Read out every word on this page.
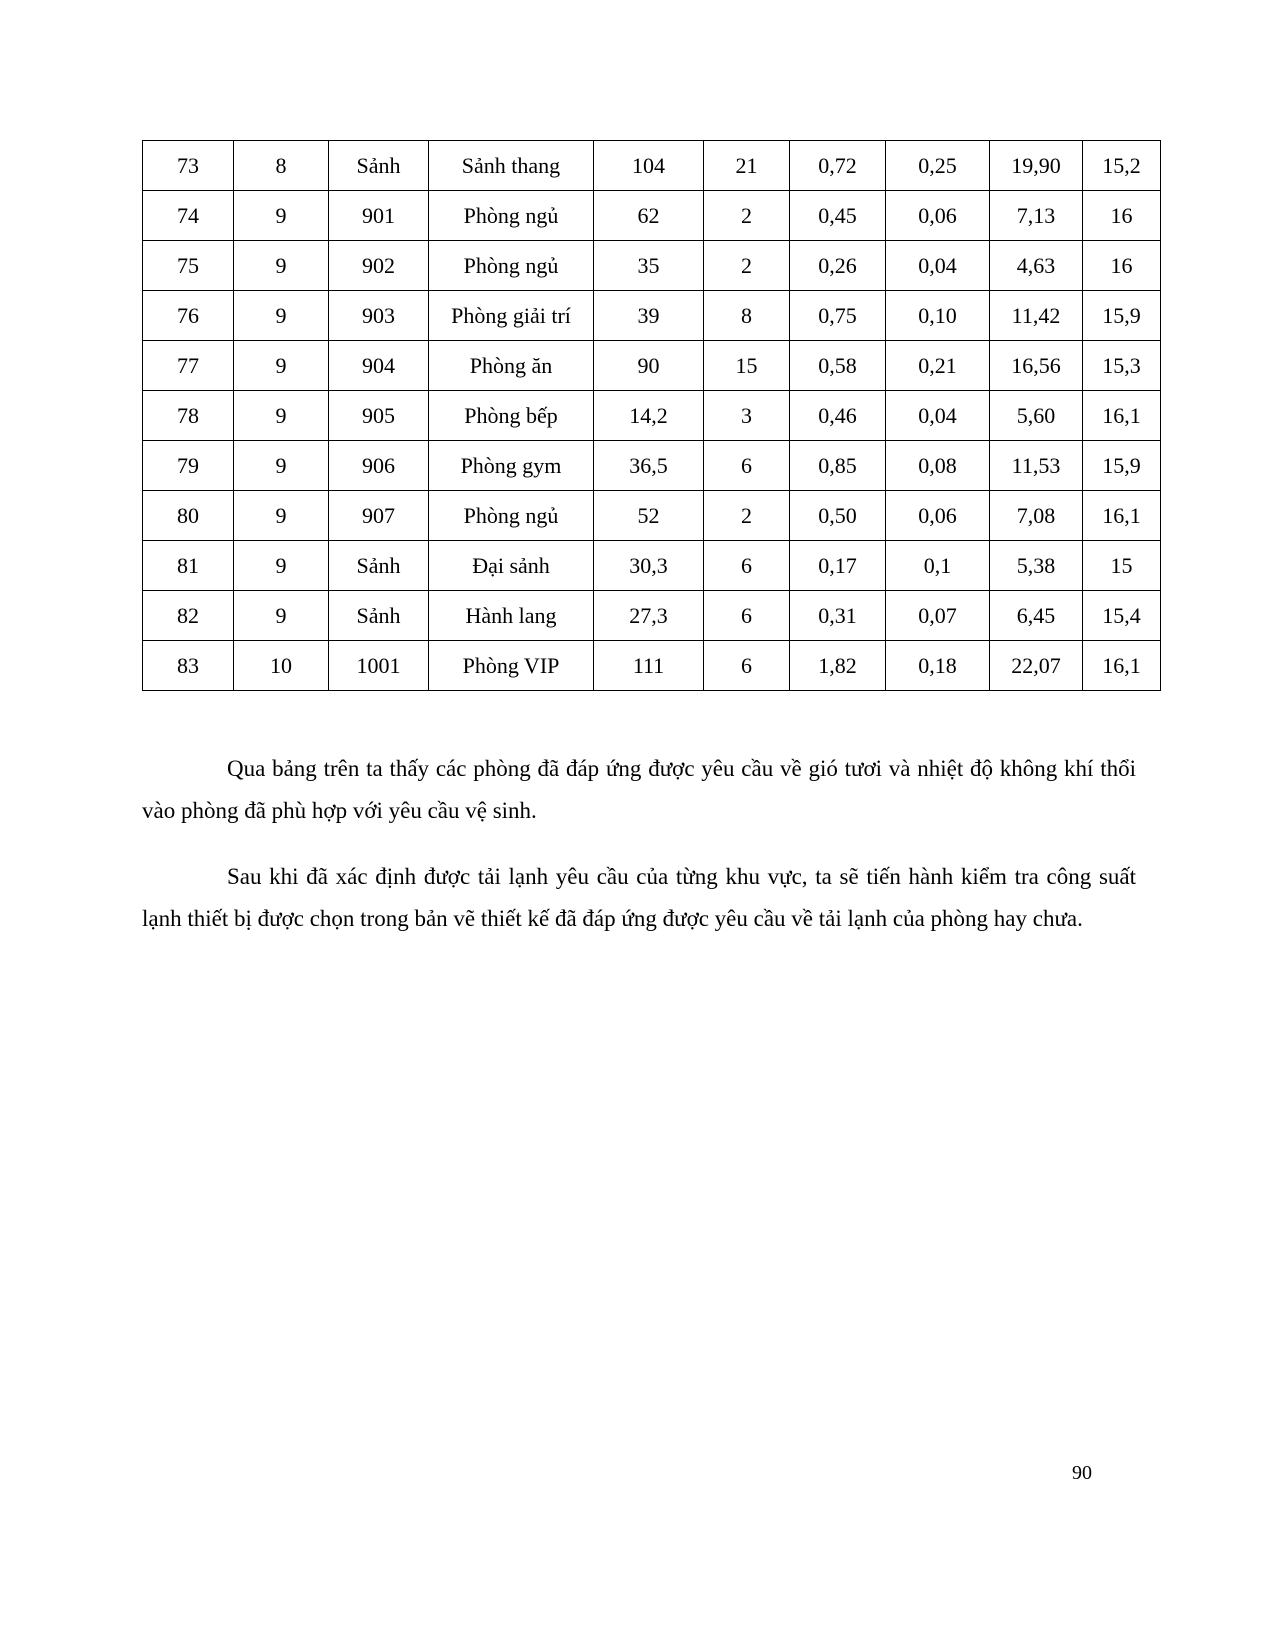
73	8	Sảnh	Sảnh thang	104	21	0,72	0,25	19,90	15,2
74	9	901	Phòng ngủ	62	2	0,45	0,06	7,13	16
75	9	902	Phòng ngủ	35	2	0,26	0,04	4,63	16
76	9	903	Phòng giải trí	39	8	0,75	0,10	11,42	15,9
77	9	904	Phòng ăn	90	15	0,58	0,21	16,56	15,3
78	9	905	Phòng bếp	14,2	3	0,46	0,04	5,60	16,1
79	9	906	Phòng gym	36,5	6	0,85	0,08	11,53	15,9
80	9	907	Phòng ngủ	52	2	0,50	0,06	7,08	16,1
81	9	Sảnh	Đại sảnh	30,3	6	0,17	0,1	5,38	15
82	9	Sảnh	Hành lang	27,3	6	0,31	0,07	6,45	15,4
83	10	1001	Phòng VIP	111	6	1,82	0,18	22,07	16,1

Qua bảng trên ta thấy các phòng đã đáp ứng được yêu cầu về gió tươi và nhiệt độ không khí thổi vào phòng đã phù hợp với yêu cầu vệ sinh.

Sau khi đã xác định được tải lạnh yêu cầu của từng khu vực, ta sẽ tiến hành kiểm tra công suất lạnh thiết bị được chọn trong bản vẽ thiết kế đã đáp ứng được yêu cầu về tải lạnh của phòng hay chưa.

90
